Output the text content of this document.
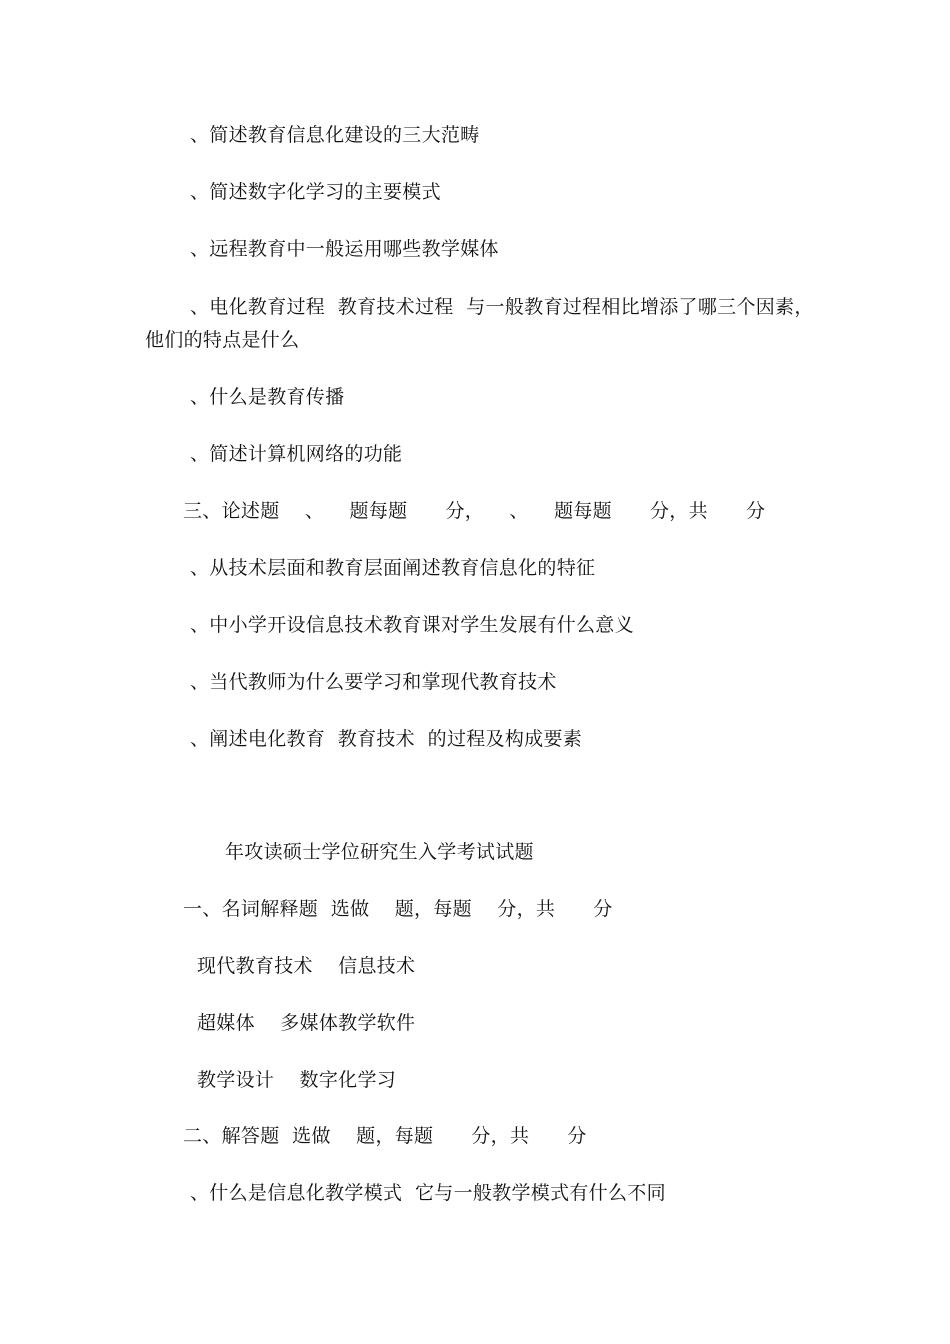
、简述教育信息化建设的三大范畴
、简述数字化学习的主要模式
、远程教育中一般运用哪些教学媒体
、电化教育过程  教育技术过程  与一般教育过程相比增添了哪三个因素，
他们的特点是什么
、什么是教育传播
、简述计算机网络的功能
三、论述题    、    题每题      分，    、    题每题      分，共      分
、从技术层面和教育层面阐述教育信息化的特征
、中小学开设信息技术教育课对学生发展有什么意义
、当代教师为什么要学习和掌现代教育技术
、阐述电化教育  教育技术  的过程及构成要素
年攻读硕士学位研究生入学考试试题
一、名词解释题  选做    题，每题    分，共      分
现代教育技术    信息技术
超媒体    多媒体教学软件
教学设计    数字化学习
二、解答题  选做    题，每题      分，共      分
、什么是信息化教学模式  它与一般教学模式有什么不同
